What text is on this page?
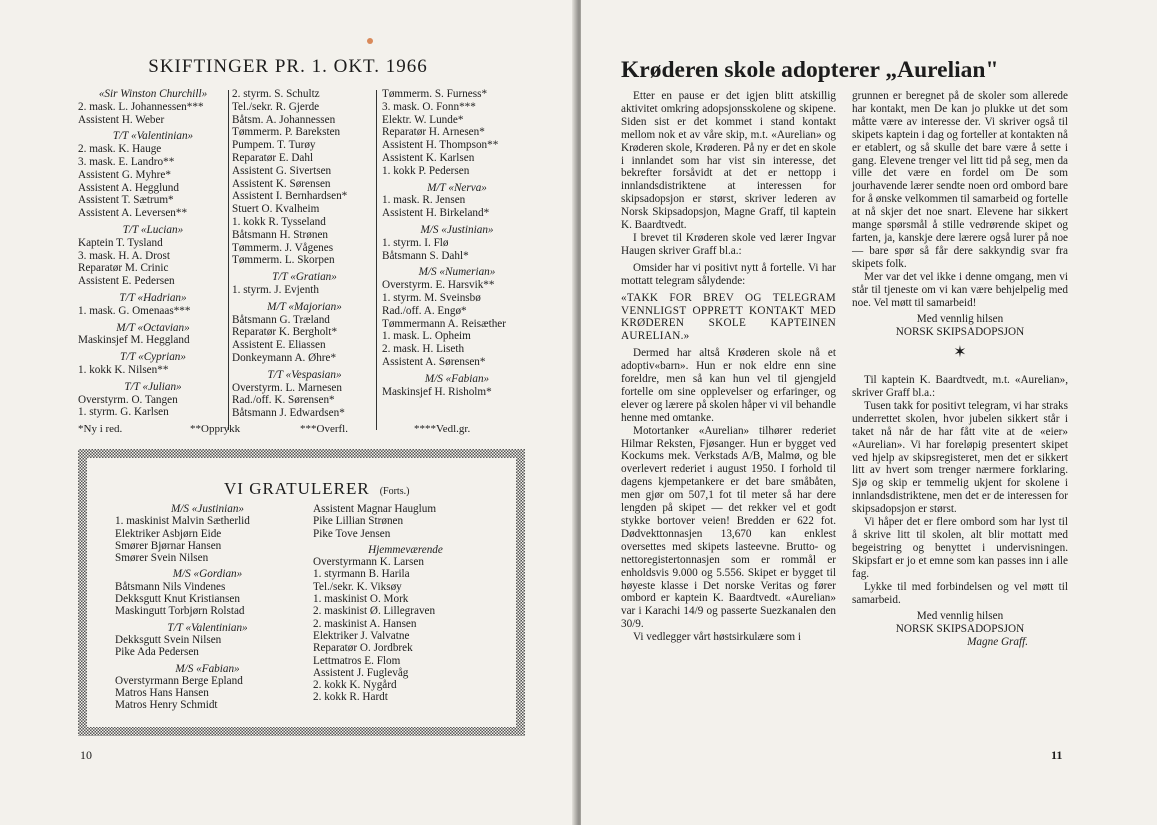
SKIFTINGER PR. 1. OKT. 1966
«Sir Winston Churchill»
2. mask. L. Johannessen***
Assistent H. Weber
T/T «Valentinian»
2. mask. K. Hauge
3. mask. E. Landro**
Assistent G. Myhre*
Assistent A. Hegglund
Assistent T. Sætrum*
Assistent A. Leversen**
T/T «Lucian»
Kaptein T. Tysland
3. mask. H. A. Drost
Reparatør M. Crinic
Assistent E. Pedersen
T/T «Hadrian»
1. mask. G. Omenaas***
M/T «Octavian»
Maskinsjef M. Heggland
T/T «Cyprian»
1. kokk K. Nilsen**
T/T «Julian»
Overstyrm. O. Tangen
1. styrm. G. Karlsen
2. styrm. S. Schultz
Tel./sekr. R. Gjerde
Båtsm. A. Johannessen
Tømmerm. P. Bareksten
Pumpem. T. Turøy
Reparatør E. Dahl
Assistent G. Sivertsen
Assistent K. Sørensen
Assistent I. Bernhardsen*
Stuert O. Kvalheim
1. kokk R. Tysseland
Båtsmann H. Strønen
Tømmerm. J. Vågenes
Tømmerm. L. Skorpen
T/T «Gratian»
1. styrm. J. Evjenth
M/T «Majorian»
Båtsmann G. Træland
Reparatør K. Bergholt*
Assistent E. Eliassen
Donkeymann A. Øhre*
T/T «Vespasian»
Overstyrm. L. Marnesen
Rad./off. K. Sørensen*
Båtsmann J. Edwardsen*
Tømmerm. S. Furness*
3. mask. O. Fonn***
Elektr. W. Lunde*
Reparatør H. Arnesen*
Assistent H. Thompson**
Assistent K. Karlsen
1. kokk P. Pedersen
M/T «Nerva»
1. mask. R. Jensen
Assistent H. Birkeland*
M/S «Justinian»
1. styrm. I. Flø
Båtsmann S. Dahl*
M/S «Numerian»
Overstyrm. E. Harsvik**
1. styrm. M. Sveinsbø
Rad./off. A. Engø*
Tømmermann A. Reisæther
1. mask. L. Opheim
2. mask. H. Liseth
Assistent A. Sørensen*
M/S «Fabian»
Maskinsjef H. Risholm*
*Ny i red.	**Opprykk	***Overfl.	****Vedl.gr.
VI GRATULERER (Forts.)
M/S «Justinian»
1. maskinist Malvin Sætherlid
Elektriker Asbjørn Eide
Smører Bjørnar Hansen
Smører Svein Nilsen
M/S «Gordian»
Båtsmann Nils Vindenes
Dekksgutt Knut Kristiansen
Maskingutt Torbjørn Rolstad
T/T «Valentinian»
Dekksgutt Svein Nilsen
Pike Ada Pedersen
M/S «Fabian»
Overstyrmann Berge Epland
Matros Hans Hansen
Matros Henry Schmidt
Assistent Magnar Hauglum
Pike Lillian Strønen
Pike Tove Jensen
Hjemmeværende
Overstyrmann K. Larsen
1. styrmann B. Harila
Tel./sekr. K. Viksøy
1. maskinist O. Mork
2. maskinist Ø. Lillegraven
2. maskinist A. Hansen
Elektriker J. Valvatne
Reparatør O. Jordbrek
Lettmatros E. Flom
Assistent J. Fuglevåg
2. kokk K. Nygård
2. kokk R. Hardt
10
Krøderen skole adopterer „Aurelian"

Etter en pause er det igjen blitt atskillig aktivitet omkring adopsjonsskolene og skipene. Siden sist er det kommet i stand kontakt mellom nok et av våre skip, m.t. «Aurelian» og Krøderen skole, Krøderen. På ny er det en skole i innlandet som har vist sin interesse, det bekrefter forsåvidt at det er nettopp i innlandsdistriktene at interessen for skipsadopsjon er størst, skriver lederen av Norsk Skipsadopsjon, Magne Graff, til kaptein K. Baardtvedt.

I brevet til Krøderen skole ved lærer Ingvar Haugen skriver Graff bl.a.:

Omsider har vi positivt nytt å fortelle. Vi har mottatt telegram sålydende:

«TAKK FOR BREV OG TELEGRAM VENNLIGST OPPRETT KONTAKT MED KRØDEREN SKOLE KAPTEINEN AURELIAN.»

Dermed har altså Krøderen skole nå et adoptiv«barn». Hun er nok eldre enn sine foreldre, men så kan hun vel til gjengjeld fortelle om sine opplevelser og erfaringer, og elever og lærere på skolen håper vi vil behandle henne med omtanke.

Motortanker «Aurelian» tilhører rederiet Hilmar Reksten, Fjøsanger. Hun er bygget ved Kockums mek. Verkstads A/B, Malmø, og ble overlevert rederiet i august 1950. I forhold til dagens kjempetankere er det bare småbåten, men gjør om 507,1 fot til meter så har dere lengden på skipet — det rekker vel et godt stykke bortover veien! Bredden er 622 fot. Dødvekttonnasjen 13,670 kan enklest oversettes med skipets lasteevne. Brutto- og nettoregistertonnasjen som er rommål er enholdsvis 9.000 og 5.556. Skipet er bygget til høyeste klasse i Det norske Veritas og fører ombord er kaptein K. Baardtvedt. «Aurelian» var i Karachi 14/9 og passerte Suezkanalen den 30/9.

Vi vedlegger vårt høstsirkulære som i

grunnen er beregnet på de skoler som allerede har kontakt, men De kan jo plukke ut det som måtte være av interesse der. Vi skriver også til skipets kaptein i dag og forteller at kontakten nå er etablert, og så skulle det bare være å sette i gang. Elevene trenger vel litt tid på seg, men da ville det være en fordel om De som jourhavende lærer sendte noen ord ombord bare for å ønske velkommen til samarbeid og fortelle at nå skjer det noe snart. Elevene har sikkert mange spørsmål å stille vedrørende skipet og farten, ja, kanskje dere lærere også lurer på noe — bare spør så får dere sakkyndig svar fra skipets folk.

Mer var det vel ikke i denne omgang, men vi står til tjeneste om vi kan være behjelpelig med noe. Vel møtt til samarbeid!

Med vennlig hilsen

NORSK SKIPSADOPSJON

✶

Til kaptein K. Baardtvedt, m.t. «Aurelian», skriver Graff bl.a.:

Tusen takk for positivt telegram, vi har straks underrettet skolen, hvor jubelen sikkert står i taket nå når de har fått vite at de «eier» «Aurelian». Vi har foreløpig presentert skipet ved hjelp av skipsregisteret, men det er sikkert litt av hvert som trenger nærmere forklaring. Sjø og skip er temmelig ukjent for skolene i innlandsdistriktene, men det er de interessen for skipsadopsjon er størst.

Vi håper det er flere ombord som har lyst til å skrive litt til skolen, alt blir mottatt med begeistring og benyttet i undervisningen. Skipsfart er jo et emne som kan passes inn i alle fag.

Lykke til med forbindelsen og vel møtt til samarbeid.

Med vennlig hilsen

NORSK SKIPSADOPSJON

Magne Graff.

11
